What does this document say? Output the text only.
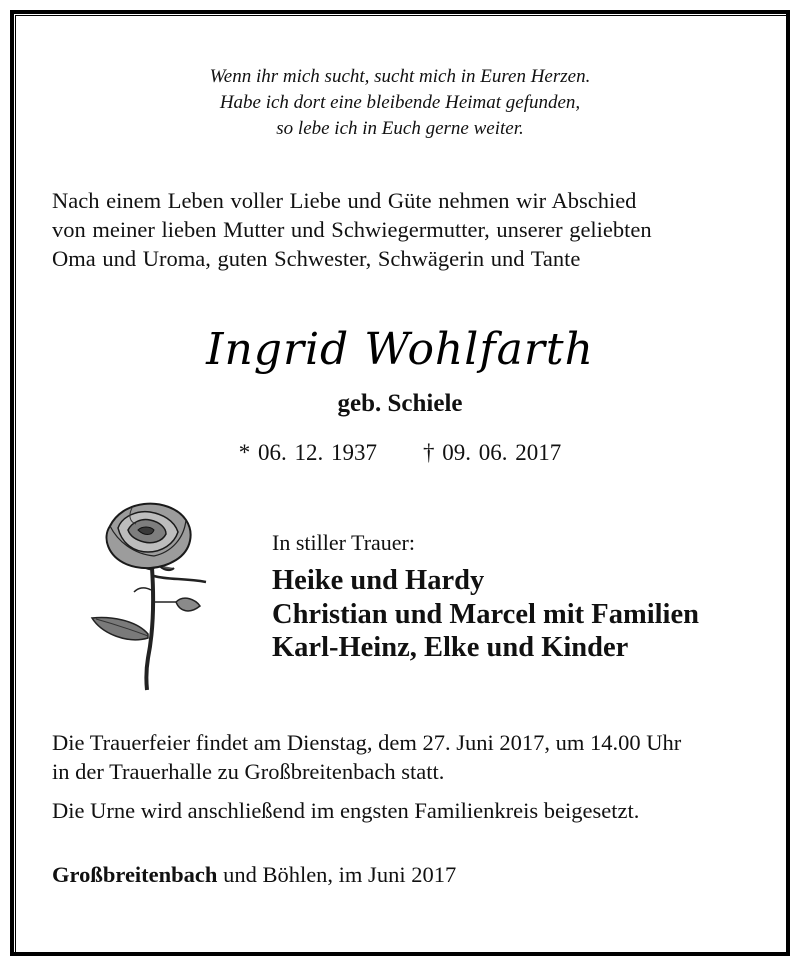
Wenn ihr mich sucht, sucht mich in Euren Herzen.
Habe ich dort eine bleibende Heimat gefunden,
so lebe ich in Euch gerne weiter.

Nach einem Leben voller Liebe und Güte nehmen wir Abschied
von meiner lieben Mutter und Schwiegermutter, unserer geliebten
Oma und Uroma, guten Schwester, Schwägerin und Tante

Ingrid Wohlfarth
geb. Schiele
* 06. 12. 1937 † 09. 06. 2017
In stiller Trauer:
Heike und Hardy
Christian und Marcel mit Familien
Karl-Heinz, Elke und Kinder

Die Trauerfeier findet am Dienstag, dem 27. Juni 2017, um 14.00 Uhr
in der Trauerhalle zu Großbreitenbach statt.

Die Urne wird anschließend im engsten Familienkreis beigesetzt.

Großbreitenbach und Böhlen, im Juni 2017
